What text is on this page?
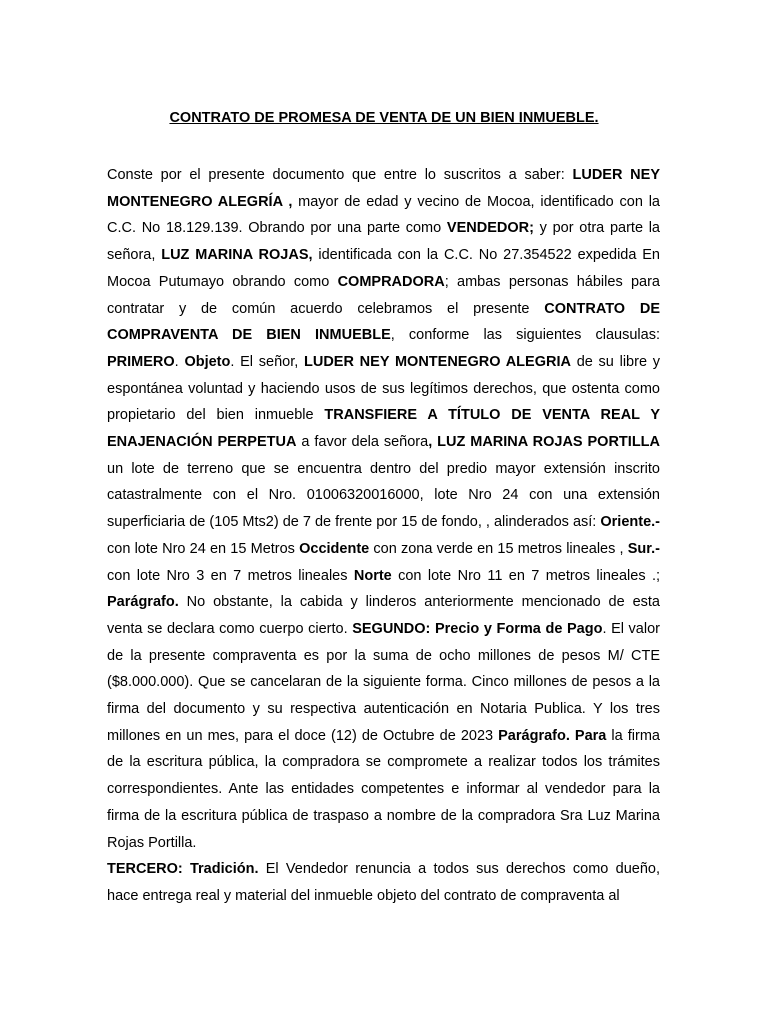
CONTRATO DE PROMESA DE VENTA DE UN BIEN INMUEBLE.

Conste por el presente documento que entre lo suscritos a saber: LUDER NEY MONTENEGRO ALEGRÍA , mayor de edad y vecino de Mocoa, identificado con la C.C. No 18.129.139. Obrando por una parte como VENDEDOR; y por otra parte la señora, LUZ MARINA ROJAS, identificada con la C.C. No 27.354522 expedida En Mocoa Putumayo obrando como COMPRADORA; ambas personas hábiles para contratar y de común acuerdo celebramos el presente CONTRATO DE COMPRAVENTA DE BIEN INMUEBLE, conforme las siguientes clausulas: PRIMERO. Objeto. El señor, LUDER NEY MONTENEGRO ALEGRIA de su libre y espontánea voluntad y haciendo usos de sus legítimos derechos, que ostenta como propietario del bien inmueble TRANSFIERE A TÍTULO DE VENTA REAL Y ENAJENACIÓN PERPETUA a favor dela señora, LUZ MARINA ROJAS PORTILLA un lote de terreno que se encuentra dentro del predio mayor extensión inscrito catastralmente con el Nro. 01006320016000, lote Nro 24 con una extensión superficiaria de (105 Mts2) de 7 de frente por 15 de fondo, , alinderados así: Oriente.- con lote Nro 24 en 15 Metros Occidente con zona verde en 15 metros lineales , Sur.- con lote Nro 3 en 7 metros lineales Norte con lote Nro 11 en 7 metros lineales .; Parágrafo. No obstante, la cabida y linderos anteriormente mencionado de esta venta se declara como cuerpo cierto. SEGUNDO: Precio y Forma de Pago. El valor de la presente compraventa es por la suma de ocho millones de pesos M/ CTE ($8.000.000). Que se cancelaran de la siguiente forma. Cinco millones de pesos a la firma del documento y su respectiva autenticación en Notaria Publica. Y los tres millones en un mes, para el doce (12) de Octubre de 2023 Parágrafo. Para la firma de la escritura pública, la compradora se compromete a realizar todos los trámites correspondientes. Ante las entidades competentes e informar al vendedor para la firma de la escritura pública de traspaso a nombre de la compradora Sra Luz Marina Rojas Portilla.

TERCERO: Tradición. El Vendedor renuncia a todos sus derechos como dueño, hace entrega real y material del inmueble objeto del contrato de compraventa al
